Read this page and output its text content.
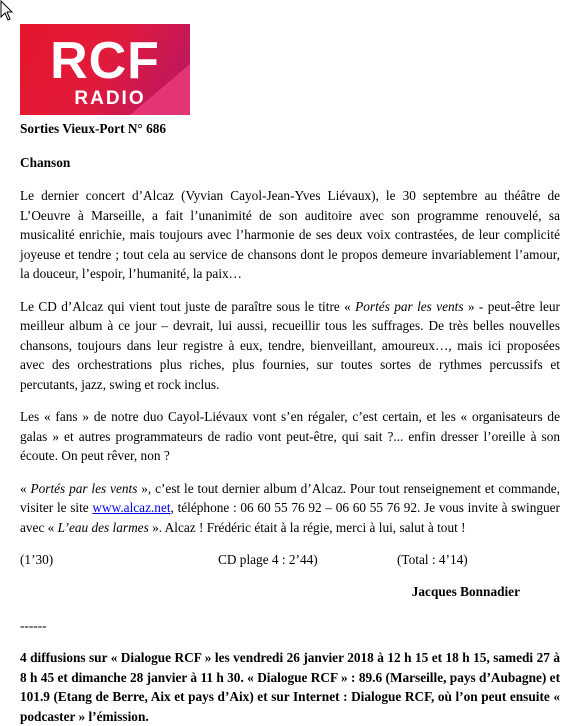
RCF
RADIO
Sorties Vieux-Port N° 686
Chanson

Le dernier concert d’Alcaz (Vyvian Cayol-Jean-Yves Liévaux), le 30 septembre au théâtre de L’Oeuvre à Marseille, a fait l’unanimité de son auditoire avec son programme renouvelé, sa musicalité enrichie, mais toujours avec l’harmonie de ses deux voix contrastées, de leur complicité joyeuse et tendre ; tout cela au service de chansons dont le propos demeure invariablement l’amour, la douceur, l’espoir, l’humanité, la paix…

Le CD d’Alcaz qui vient tout juste de paraître sous le titre « Portés par les vents » - peut-être leur meilleur album à ce jour – devrait, lui aussi, recueillir tous les suffrages. De très belles nouvelles chansons, toujours dans leur registre à eux, tendre, bienveillant, amoureux…, mais ici proposées avec des orchestrations plus riches, plus fournies, sur toutes sortes de rythmes percussifs et percutants, jazz, swing et rock inclus.

Les « fans » de notre duo Cayol-Liévaux vont s’en régaler, c’est certain, et les « organisateurs de galas » et autres programmateurs de radio vont peut-être, qui sait ?... enfin dresser l’oreille à son écoute. On peut rêver, non ?

« Portés par les vents », c’est le tout dernier album d’Alcaz. Pour tout renseignement et commande, visiter le site www.alcaz.net, téléphone : 06 60 55 76 92 – 06 60 55 76 92. Je vous invite à swinguer avec « L’eau des larmes ». Alcaz ! Frédéric était à la régie, merci à lui, salut à tout !

(1’30)	CD plage 4 : 2’44)	(Total : 4’14)
Jacques Bonnadier
------
4 diffusions sur « Dialogue RCF » les vendredi 26 janvier 2018 à 12 h 15 et 18 h 15, samedi 27 à 8 h 45 et dimanche 28 janvier à 11 h 30. « Dialogue RCF » : 89.6 (Marseille, pays d’Aubagne) et 101.9 (Etang de Berre, Aix et pays d’Aix) et sur Internet : Dialogue RCF, où l’on peut ensuite « podcaster » l’émission.
